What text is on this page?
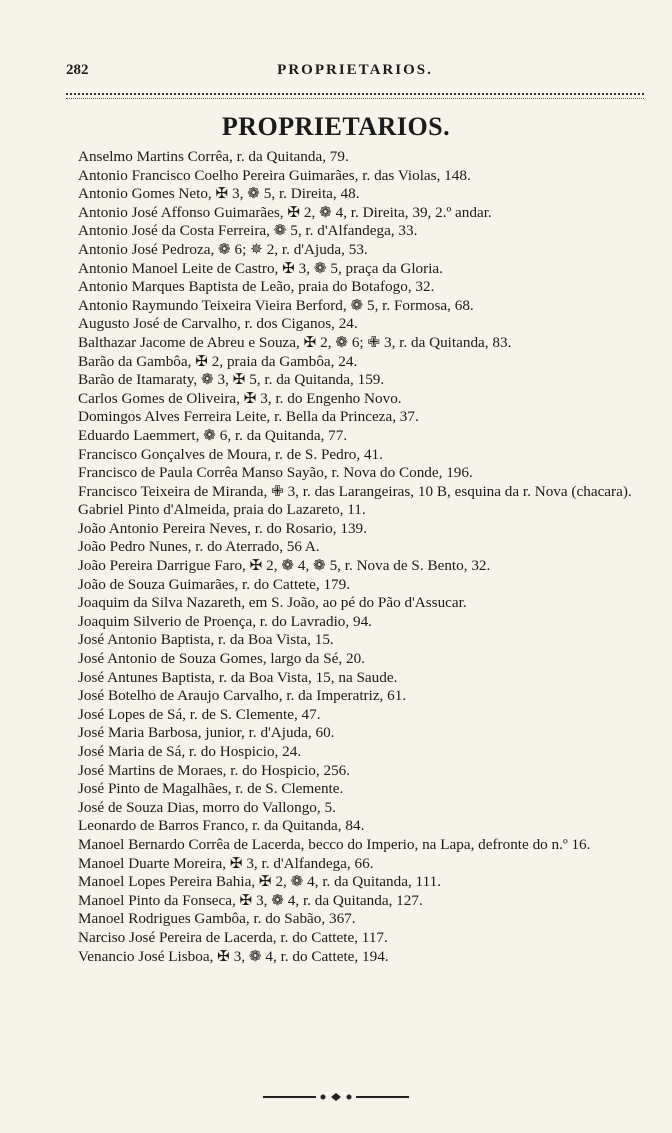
282	PROPRIETARIOS.
PROPRIETARIOS.
Anselmo Martins Corrêa, r. da Quitanda, 79.
Antonio Francisco Coelho Pereira Guimarães, r. das Violas, 148.
Antonio Gomes Neto, ✠ 3, ❁ 5, r. Direita, 48.
Antonio José Affonso Guimarães, ✠ 2, ❁ 4, r. Direita, 39, 2.º andar.
Antonio José da Costa Ferreira, ❁ 5, r. d'Alfandega, 33.
Antonio José Pedroza, ❁ 6; ✵ 2, r. d'Ajuda, 53.
Antonio Manoel Leite de Castro, ✠ 3, ❁ 5, praça da Gloria.
Antonio Marques Baptista de Leão, praia do Botafogo, 32.
Antonio Raymundo Teixeira Vieira Berford, ❁ 5, r. Formosa, 68.
Augusto José de Carvalho, r. dos Ciganos, 24.
Balthazar Jacome de Abreu e Souza, ✠ 2, ❁ 6; ✙ 3, r. da Quitanda, 83.
Barão da Gambôa, ✠ 2, praia da Gambôa, 24.
Barão de Itamaraty, ❁ 3, ✠ 5, r. da Quitanda, 159.
Carlos Gomes de Oliveira, ✠ 3, r. do Engenho Novo.
Domingos Alves Ferreira Leite, r. Bella da Princeza, 37.
Eduardo Laemmert, ❁ 6, r. da Quitanda, 77.
Francisco Gonçalves de Moura, r. de S. Pedro, 41.
Francisco de Paula Corrêa Manso Sayão, r. Nova do Conde, 196.
Francisco Teixeira de Miranda, ✙ 3, r. das Larangeiras, 10 B, esquina da r. Nova (chacara).
Gabriel Pinto d'Almeida, praia do Lazareto, 11.
João Antonio Pereira Neves, r. do Rosario, 139.
João Pedro Nunes, r. do Aterrado, 56 A.
João Pereira Darrigue Faro, ✠ 2, ❁ 4, ❁ 5, r. Nova de S. Bento, 32.
João de Souza Guimarães, r. do Cattete, 179.
Joaquim da Silva Nazareth, em S. João, ao pé do Pão d'Assucar.
Joaquim Silverio de Proença, r. do Lavradio, 94.
José Antonio Baptista, r. da Boa Vista, 15.
José Antonio de Souza Gomes, largo da Sé, 20.
José Antunes Baptista, r. da Boa Vista, 15, na Saude.
José Botelho de Araujo Carvalho, r. da Imperatriz, 61.
José Lopes de Sá, r. de S. Clemente, 47.
José Maria Barbosa, junior, r. d'Ajuda, 60.
José Maria de Sá, r. do Hospicio, 24.
José Martins de Moraes, r. do Hospicio, 256.
José Pinto de Magalhães, r. de S. Clemente.
José de Souza Dias, morro do Vallongo, 5.
Leonardo de Barros Franco, r. da Quitanda, 84.
Manoel Bernardo Corrêa de Lacerda, becco do Imperio, na Lapa, defronte do n.º 16.
Manoel Duarte Moreira, ✠ 3, r. d'Alfandega, 66.
Manoel Lopes Pereira Bahia, ✠ 2, ❁ 4, r. da Quitanda, 111.
Manoel Pinto da Fonseca, ✠ 3, ❁ 4, r. da Quitanda, 127.
Manoel Rodrigues Gambôa, r. do Sabão, 367.
Narciso José Pereira de Lacerda, r. do Cattete, 117.
Venancio José Lisboa, ✠ 3, ❁ 4, r. do Cattete, 194.
